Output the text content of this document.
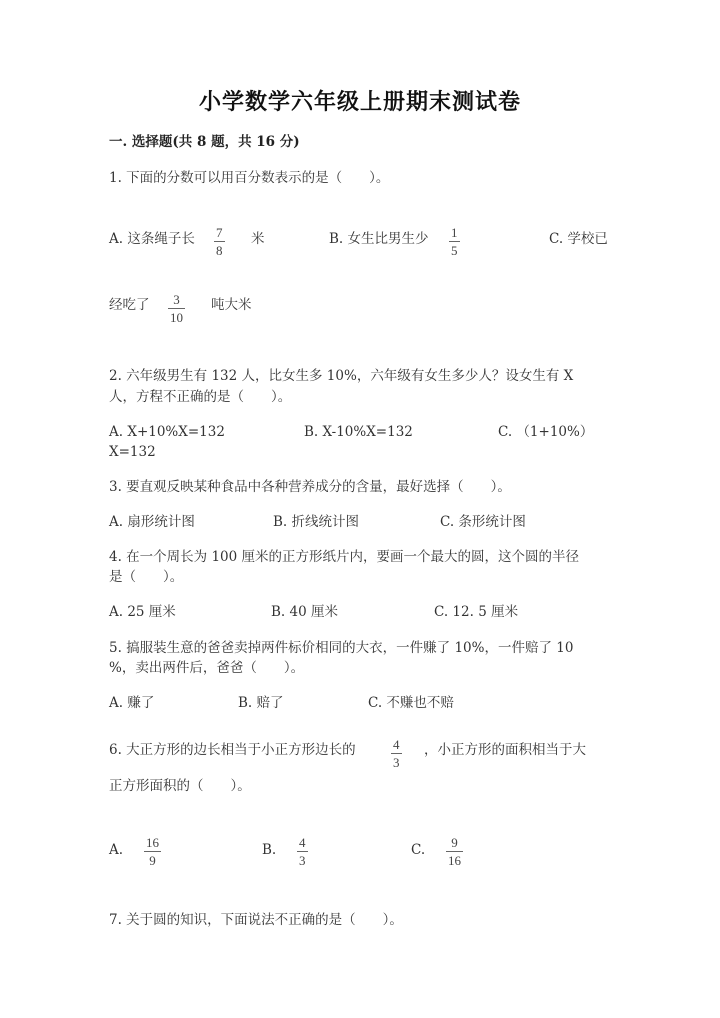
小学数学六年级上册期末测试卷
一. 选择题(共 8 题，共 16 分)
1. 下面的分数可以用百分数表示的是（　　）。
A. 这条绳子长 7
8
米	B. 女生比男生少 1
5
C. 学校已
经吃了 3
10
吨大米
2. 六年级男生有 132 人，比女生多 10%，六年级有女生多少人？设女生有 X
人，方程不正确的是（　　）。
A. X+10%X=132	B. X-10%X=132	C. （1+10%）
X=132
3. 要直观反映某种食品中各种营养成分的含量，最好选择（　　）。
A. 扇形统计图	B. 折线统计图	C. 条形统计图
4. 在一个周长为 100 厘米的正方形纸片内，要画一个最大的圆，这个圆的半径
是（　　）。
A. 25 厘米	B. 40 厘米	C. 12. 5 厘米
5. 搞服装生意的爸爸卖掉两件标价相同的大衣，一件赚了 10%，一件赔了 10
%，卖出两件后，爸爸（　　）。
A. 赚了	B. 赔了	C. 不赚也不赔
6. 大正方形的边长相当于小正方形边长的	4
3
，小正方形的面积相当于大
正方形面积的（　　）。
A. 16
9
B. 4
3
C. 9
16
7. 关于圆的知识，下面说法不正确的是（　　）。
